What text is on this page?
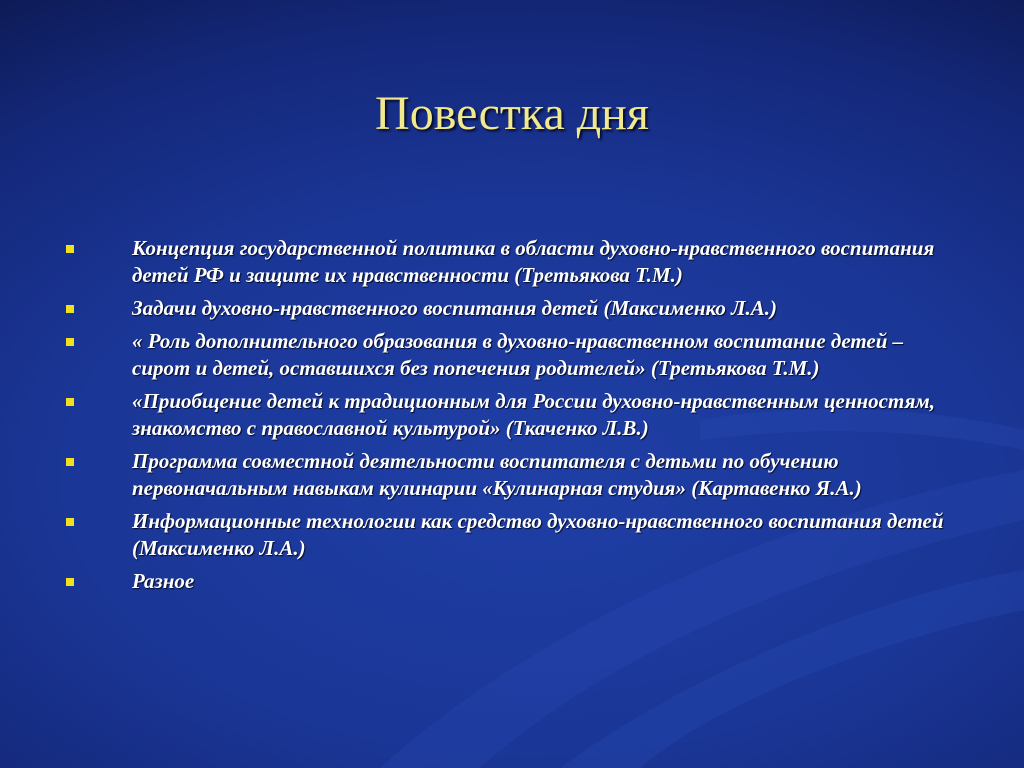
Повестка дня
Концепция государственной политика в области духовно-нравственного воспитания детей РФ и защите их нравственности (Третьякова Т.М.)
Задачи духовно-нравственного воспитания детей (Максименко Л.А.)
« Роль дополнительного образования в духовно-нравственном воспитание детей – сирот и детей, оставшихся без попечения родителей» (Третьякова Т.М.)
«Приобщение детей к традиционным для России духовно-нравственным ценностям, знакомство с православной культурой» (Ткаченко Л.В.)
Программа совместной деятельности воспитателя с детьми по обучению первоначальным навыкам кулинарии «Кулинарная студия» (Картавенко Я.А.)
Информационные технологии как средство духовно-нравственного воспитания детей (Максименко Л.А.)
Разное
